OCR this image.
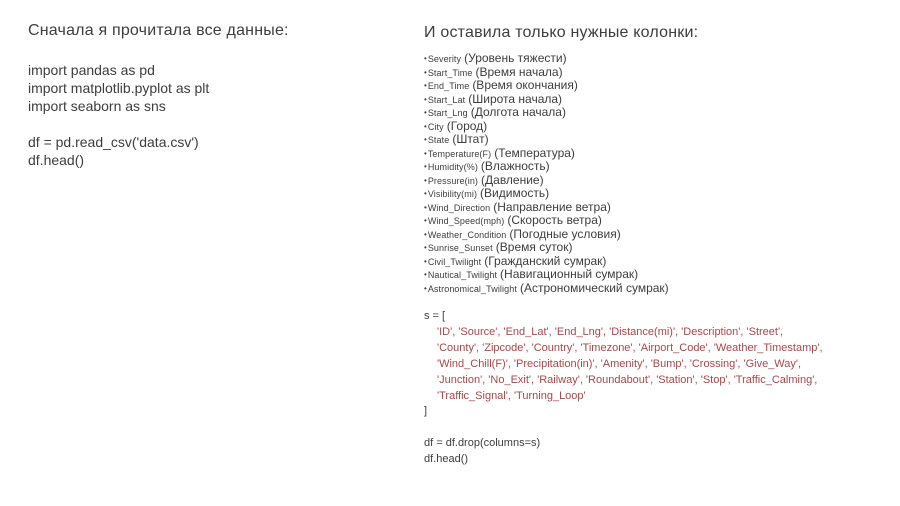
Сначала я прочитала все данные:
import pandas as pd
import matplotlib.pyplot as plt
import seaborn as sns

df = pd.read_csv('data.csv')
df.head()
И оставила только нужные колонки:
•Severity (Уровень тяжести)
•Start_Time (Время начала)
•End_Time (Время окончания)
•Start_Lat (Широта начала)
•Start_Lng (Долгота начала)
•City (Город)
•State (Штат)
•Temperature(F) (Температура)
•Humidity(%) (Влажность)
•Pressure(in) (Давление)
•Visibility(mi) (Видимость)
•Wind_Direction (Направление ветра)
•Wind_Speed(mph) (Скорость ветра)
•Weather_Condition (Погодные условия)
•Sunrise_Sunset (Время суток)
•Civil_Twilight (Гражданский сумрак)
•Nautical_Twilight (Навигационный сумрак)
•Astronomical_Twilight (Астрономический сумрак)
s = [
'ID', 'Source', 'End_Lat', 'End_Lng', 'Distance(mi)', 'Description', 'Street',
'County', 'Zipcode', 'Country', 'Timezone', 'Airport_Code', 'Weather_Timestamp',
'Wind_Chill(F)', 'Precipitation(in)', 'Amenity', 'Bump', 'Crossing', 'Give_Way',
'Junction', 'No_Exit', 'Railway', 'Roundabout', 'Station', 'Stop', 'Traffic_Calming',
'Traffic_Signal', 'Turning_Loop'
]

df = df.drop(columns=s)
df.head()
